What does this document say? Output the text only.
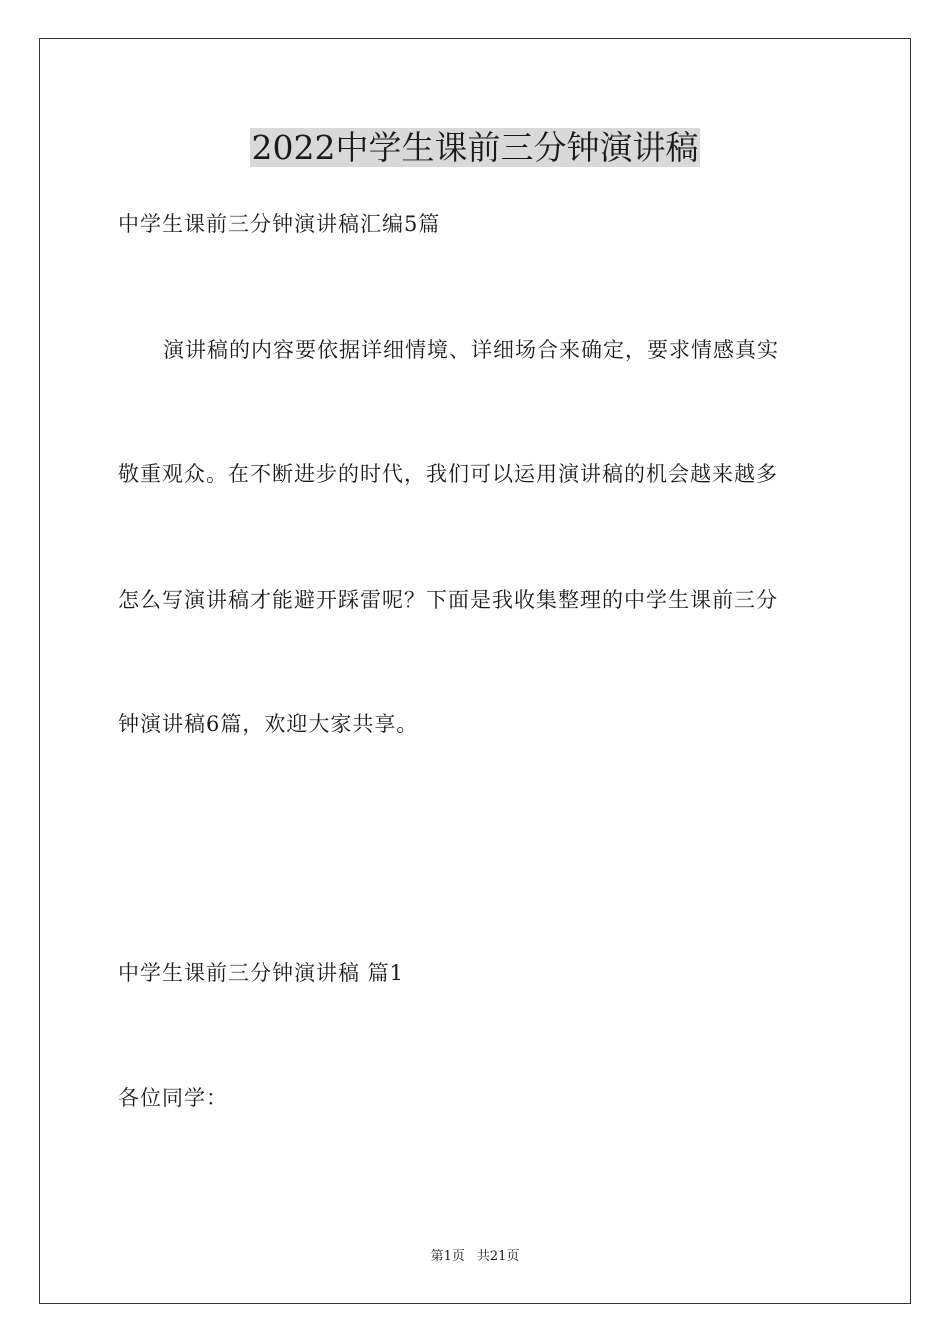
2022中学生课前三分钟演讲稿
中学生课前三分钟演讲稿汇编5篇
演讲稿的内容要依据详细情境、详细场合来确定，要求情感真实
敬重观众。在不断进步的时代，我们可以运用演讲稿的机会越来越多
怎么写演讲稿才能避开踩雷呢？下面是我收集整理的中学生课前三分
钟演讲稿6篇，欢迎大家共享。
中学生课前三分钟演讲稿 篇1
各位同学：
第1页 共21页
